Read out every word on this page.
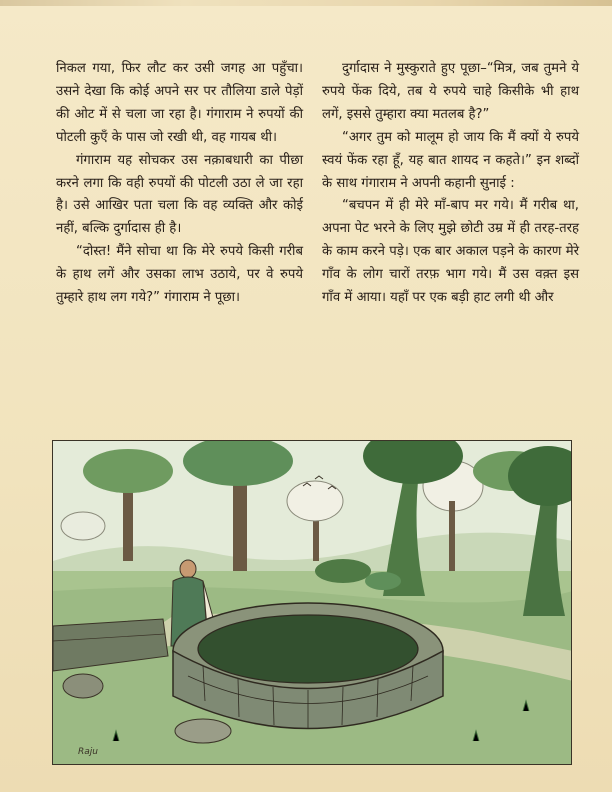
निकल गया, फिर लौट कर उसी जगह आ पहुँचा। उसने देखा कि कोई अपने सर पर तौलिया डाले पेड़ों की ओट में से चला जा रहा है। गंगाराम ने रुपयों की पोटली कुएँ के पास जो रखी थी, वह गायब थी।

गंगाराम यह सोचकर उस नक़ाबधारी का पीछा करने लगा कि वही रुपयों की पोटली उठा ले जा रहा है। उसे आखिर पता चला कि वह व्यक्ति और कोई नहीं, बल्कि दुर्गादास ही है।

“दोस्त! मैंने सोचा था कि मेरे रुपये किसी गरीब के हाथ लगें और उसका लाभ उठाये, पर वे रुपये तुम्हारे हाथ लग गये?” गंगाराम ने पूछा।

दुर्गादास ने मुस्कुराते हुए पूछा–“मित्र, जब तुमने ये रुपये फेंक दिये, तब ये रुपये चाहे किसीके भी हाथ लगें, इससे तुम्हारा क्या मतलब है?”

“अगर तुम को मालूम हो जाय कि मैं क्यों ये रुपये स्वयं फेंक रहा हूँ, यह बात शायद न कहते।” इन शब्दों के साथ गंगाराम ने अपनी कहानी सुनाई :

“बचपन में ही मेरे माँ-बाप मर गये। मैं गरीब था, अपना पेट भरने के लिए मुझे छोटी उम्र में ही तरह-तरह के काम करने पड़े। एक बार अकाल पड़ने के कारण मेरे गाँव के लोग चारों तरफ़ भाग गये। मैं उस वक़्त इस गाँव में आया। यहाँ पर एक बड़ी हाट लगी थी और

Raju
